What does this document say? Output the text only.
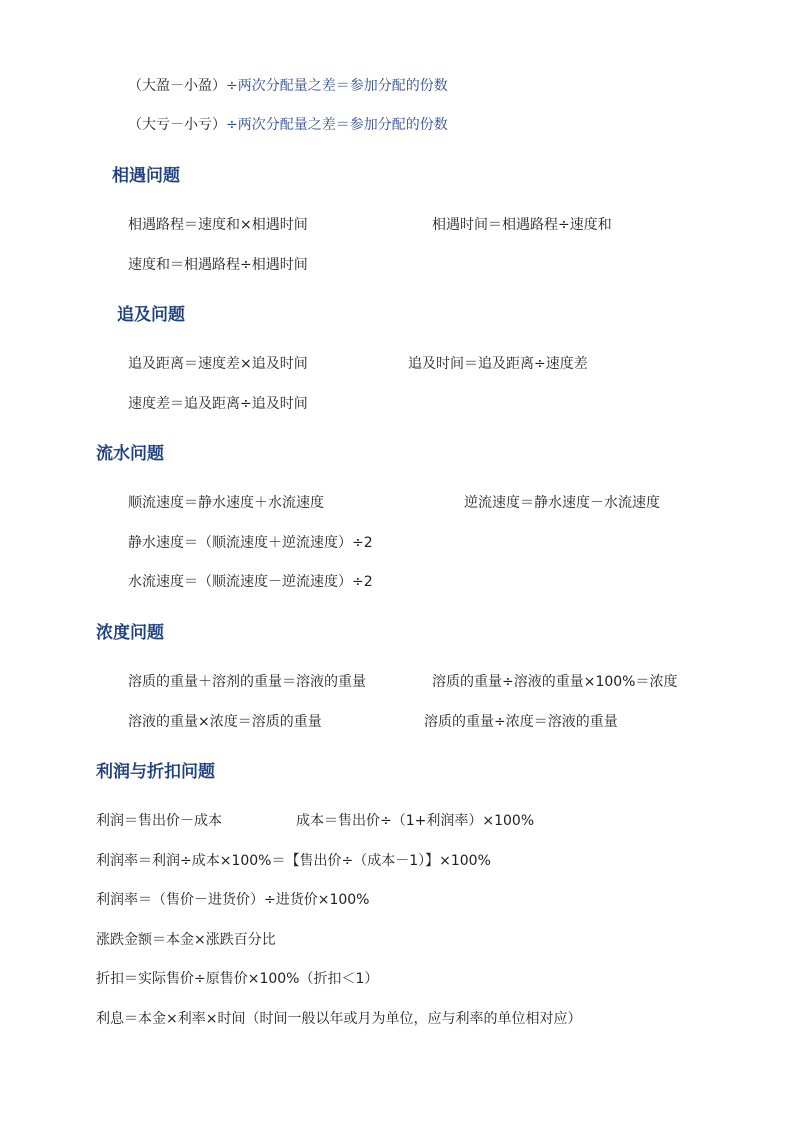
（大盈－小盈）÷两次分配量之差＝参加分配的份数
（大亏－小亏）÷两次分配量之差＝参加分配的份数
相遇问题
相遇路程＝速度和×相遇时间	相遇时间＝相遇路程÷速度和
速度和＝相遇路程÷相遇时间
追及问题
追及距离＝速度差×追及时间	追及时间＝追及距离÷速度差
速度差＝追及距离÷追及时间
流水问题
顺流速度＝静水速度＋水流速度	逆流速度＝静水速度－水流速度
静水速度＝（顺流速度＋逆流速度）÷2
水流速度＝（顺流速度－逆流速度）÷2
浓度问题
溶质的重量＋溶剂的重量＝溶液的重量	溶质的重量÷溶液的重量×100%＝浓度
溶液的重量×浓度＝溶质的重量	溶质的重量÷浓度＝溶液的重量
利润与折扣问题
利润＝售出价－成本	成本＝售出价÷（1+利润率）×100%
利润率＝利润÷成本×100%＝【售出价÷（成本－1）】×100%
利润率＝（售价－进货价）÷进货价×100%
涨跌金额＝本金×涨跌百分比
折扣＝实际售价÷原售价×100%（折扣＜1）
利息＝本金×利率×时间（时间一般以年或月为单位，应与利率的单位相对应）
